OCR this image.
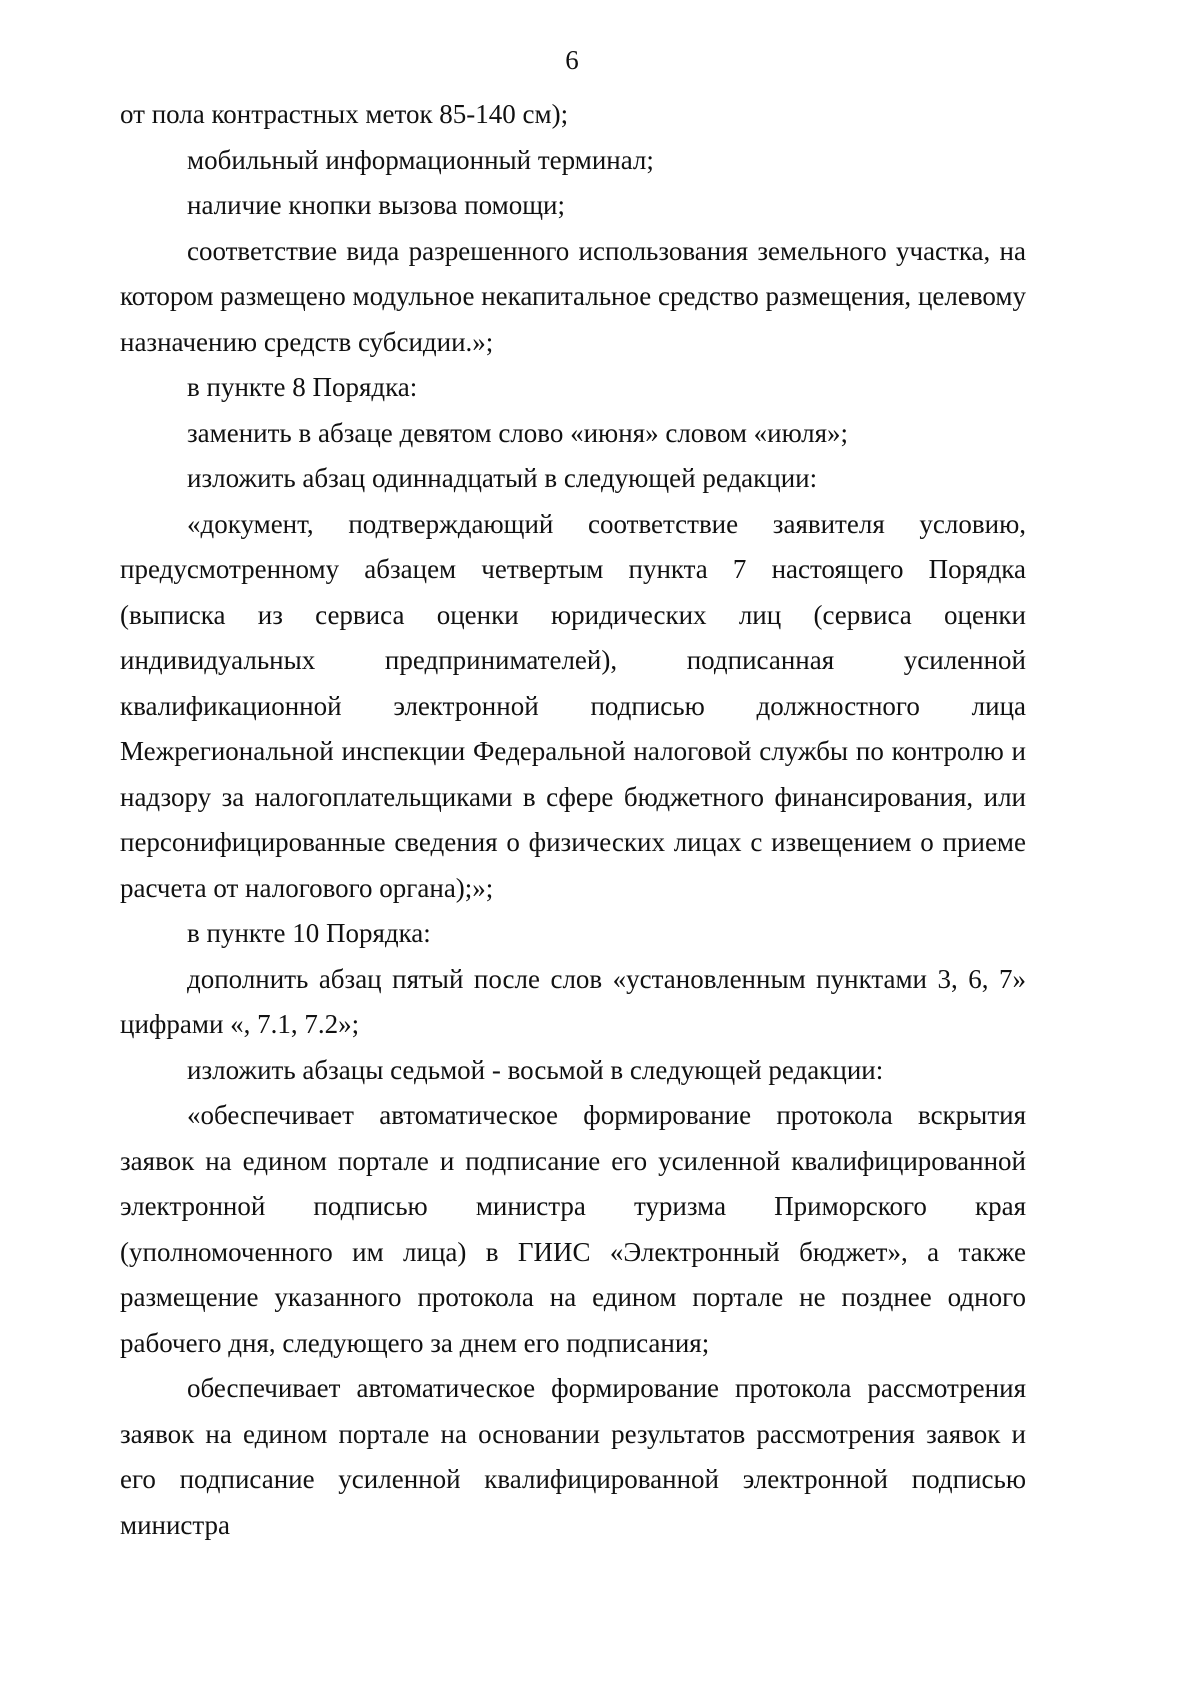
6

от пола контрастных меток 85-140 см);

мобильный информационный терминал;

наличие кнопки вызова помощи;

соответствие вида разрешенного использования земельного участка, на котором размещено модульное некапитальное средство размещения, целевому назначению средств субсидии.»;

в пункте 8 Порядка:

заменить в абзаце девятом слово «июня» словом «июля»;

изложить абзац одиннадцатый в следующей редакции:

«документ, подтверждающий соответствие заявителя условию, предусмотренному абзацем четвертым пункта 7 настоящего Порядка (выписка из сервиса оценки юридических лиц (сервиса оценки индивидуальных предпринимателей), подписанная усиленной квалификационной электронной подписью должностного лица Межрегиональной инспекции Федеральной налоговой службы по контролю и надзору за налогоплательщиками в сфере бюджетного финансирования, или персонифицированные сведения о физических лицах с извещением о приеме расчета от налогового органа);»;

в пункте 10 Порядка:

дополнить абзац пятый после слов «установленным пунктами 3, 6, 7» цифрами «, 7.1, 7.2»;

изложить абзацы седьмой - восьмой в следующей редакции:

«обеспечивает автоматическое формирование протокола вскрытия заявок на едином портале и подписание его усиленной квалифицированной электронной подписью министра туризма Приморского края (уполномоченного им лица) в ГИИС «Электронный бюджет», а также размещение указанного протокола на едином портале не позднее одного рабочего дня, следующего за днем его подписания;

обеспечивает автоматическое формирование протокола рассмотрения заявок на едином портале на основании результатов рассмотрения заявок и его подписание усиленной квалифицированной электронной подписью министра
